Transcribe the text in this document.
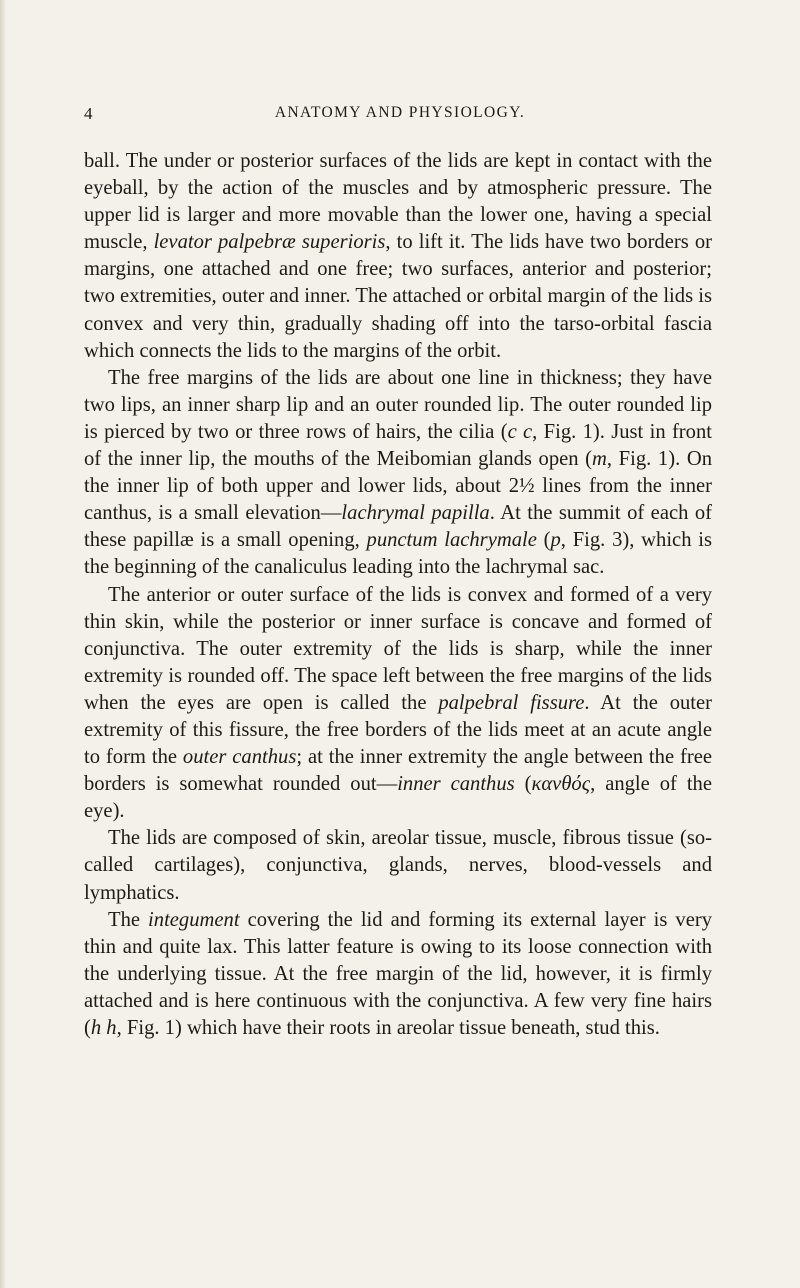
4	ANATOMY AND PHYSIOLOGY.

ball. The under or posterior surfaces of the lids are kept in contact with the eyeball, by the action of the muscles and by atmospheric pressure. The upper lid is larger and more movable than the lower one, having a special muscle, levator palpebræ superioris, to lift it. The lids have two borders or margins, one attached and one free; two surfaces, anterior and posterior; two extremities, outer and inner. The attached or orbital margin of the lids is convex and very thin, gradually shading off into the tarso-orbital fascia which connects the lids to the margins of the orbit.

The free margins of the lids are about one line in thickness; they have two lips, an inner sharp lip and an outer rounded lip. The outer rounded lip is pierced by two or three rows of hairs, the cilia (c c, Fig. 1). Just in front of the inner lip, the mouths of the Meibomian glands open (m, Fig. 1). On the inner lip of both upper and lower lids, about 2½ lines from the inner canthus, is a small elevation—lachrymal papilla. At the summit of each of these papillæ is a small opening, punctum lachrymale (p, Fig. 3), which is the beginning of the canaliculus leading into the lachrymal sac.

The anterior or outer surface of the lids is convex and formed of a very thin skin, while the posterior or inner surface is concave and formed of conjunctiva. The outer extremity of the lids is sharp, while the inner extremity is rounded off. The space left between the free margins of the lids when the eyes are open is called the palpebral fissure. At the outer extremity of this fissure, the free borders of the lids meet at an acute angle to form the outer canthus; at the inner extremity the angle between the free borders is somewhat rounded out—inner canthus (κανθός, angle of the eye).

The lids are composed of skin, areolar tissue, muscle, fibrous tissue (so-called cartilages), conjunctiva, glands, nerves, blood-vessels and lymphatics.

The integument covering the lid and forming its external layer is very thin and quite lax. This latter feature is owing to its loose connection with the underlying tissue. At the free margin of the lid, however, it is firmly attached and is here continuous with the conjunctiva. A few very fine hairs (h h, Fig. 1) which have their roots in areolar tissue beneath, stud this.
